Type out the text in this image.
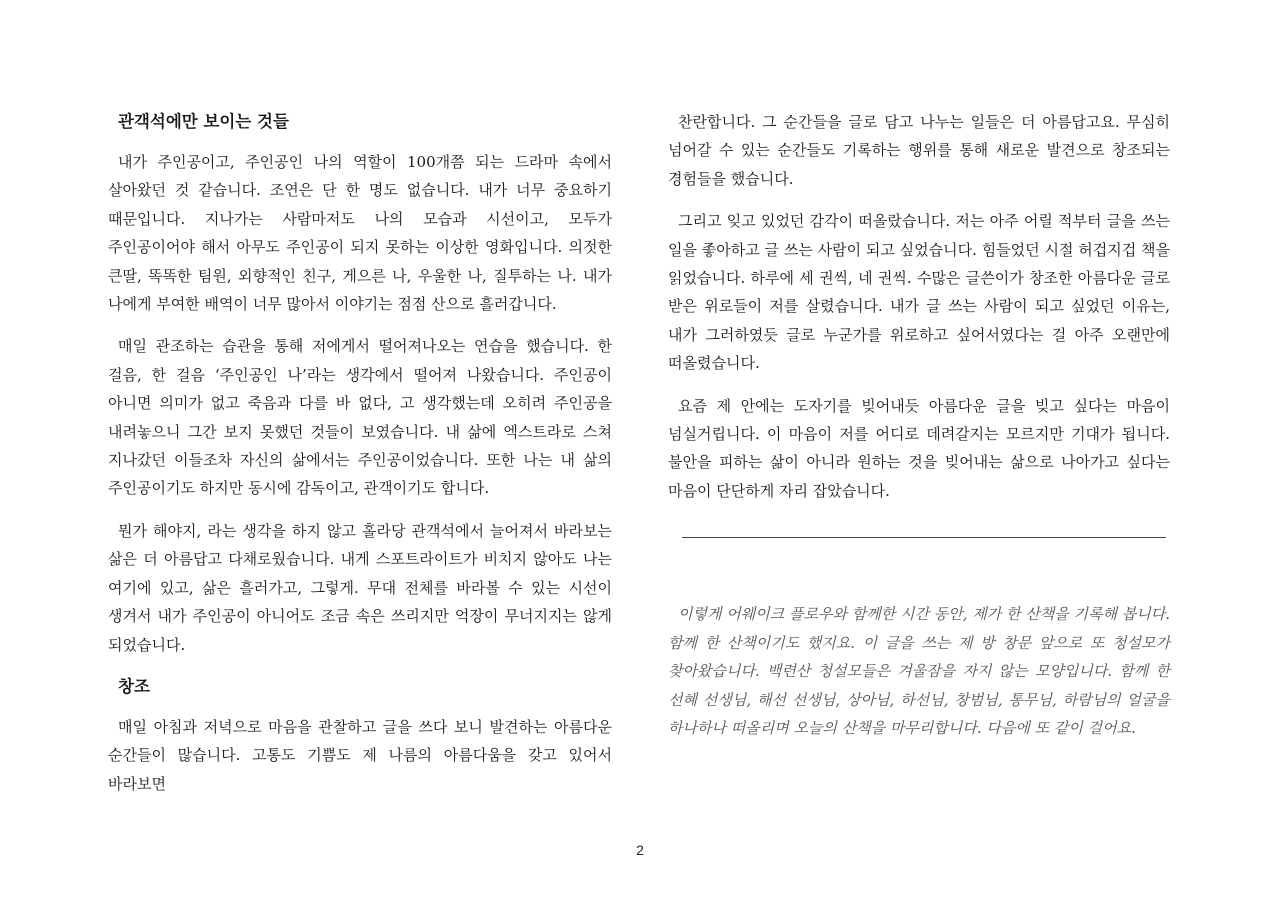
관객석에만 보이는 것들

내가 주인공이고, 주인공인 나의 역할이 100개쯤 되는 드라마 속에서 살아왔던 것 같습니다. 조연은 단 한 명도 없습니다. 내가 너무 중요하기 때문입니다. 지나가는 사람마저도 나의 모습과 시선이고, 모두가 주인공이어야 해서 아무도 주인공이 되지 못하는 이상한 영화입니다. 의젓한 큰딸, 똑똑한 팀원, 외향적인 친구, 게으른 나, 우울한 나, 질투하는 나. 내가 나에게 부여한 배역이 너무 많아서 이야기는 점점 산으로 흘러갑니다.

매일 관조하는 습관을 통해 저에게서 떨어져나오는 연습을 했습니다. 한 걸음, 한 걸음 ‘주인공인 나’라는 생각에서 떨어져 나왔습니다. 주인공이 아니면 의미가 없고 죽음과 다를 바 없다, 고 생각했는데 오히려 주인공을 내려놓으니 그간 보지 못했던 것들이 보였습니다. 내 삶에 엑스트라로 스쳐 지나갔던 이들조차 자신의 삶에서는 주인공이었습니다. 또한 나는 내 삶의 주인공이기도 하지만 동시에 감독이고, 관객이기도 합니다.

뭔가 해야지, 라는 생각을 하지 않고 홀라당 관객석에서 늘어져서 바라보는 삶은 더 아름답고 다채로웠습니다. 내게 스포트라이트가 비치지 않아도 나는 여기에 있고, 삶은 흘러가고, 그렇게. 무대 전체를 바라볼 수 있는 시선이 생겨서 내가 주인공이 아니어도 조금 속은 쓰리지만 억장이 무너지지는 않게 되었습니다.

창조

매일 아침과 저녁으로 마음을 관찰하고 글을 쓰다 보니 발견하는 아름다운 순간들이 많습니다. 고통도 기쁨도 제 나름의 아름다움을 갖고 있어서 바라보면

찬란합니다. 그 순간들을 글로 담고 나누는 일들은 더 아름답고요. 무심히 넘어갈 수 있는 순간들도 기록하는 행위를 통해 새로운 발견으로 창조되는 경험들을 했습니다.

그리고 잊고 있었던 감각이 떠올랐습니다. 저는 아주 어릴 적부터 글을 쓰는 일을 좋아하고 글 쓰는 사람이 되고 싶었습니다. 힘들었던 시절 허겁지겁 책을 읽었습니다. 하루에 세 권씩, 네 권씩. 수많은 글쓴이가 창조한 아름다운 글로 받은 위로들이 저를 살렸습니다. 내가 글 쓰는 사람이 되고 싶었던 이유는, 내가 그러하였듯 글로 누군가를 위로하고 싶어서였다는 걸 아주 오랜만에 떠올렸습니다.

요즘 제 안에는 도자기를 빚어내듯 아름다운 글을 빚고 싶다는 마음이 넘실거립니다. 이 마음이 저를 어디로 데려갈지는 모르지만 기대가 됩니다. 불안을 피하는 삶이 아니라 원하는 것을 빚어내는 삶으로 나아가고 싶다는 마음이 단단하게 자리 잡았습니다.

이렇게 어웨이크 플로우와 함께한 시간 동안, 제가 한 산책을 기록해 봅니다. 함께 한 산책이기도 했지요. 이 글을 쓰는 제 방 창문 앞으로 또 청설모가 찾아왔습니다. 백련산 청설모들은 겨울잠을 자지 않는 모양입니다. 함께 한 선혜 선생님, 해선 선생님, 상아님, 하선님, 창범님, 통무님, 하람님의 얼굴을 하나하나 떠올리며 오늘의 산책을 마무리합니다. 다음에 또 같이 걸어요.

2
